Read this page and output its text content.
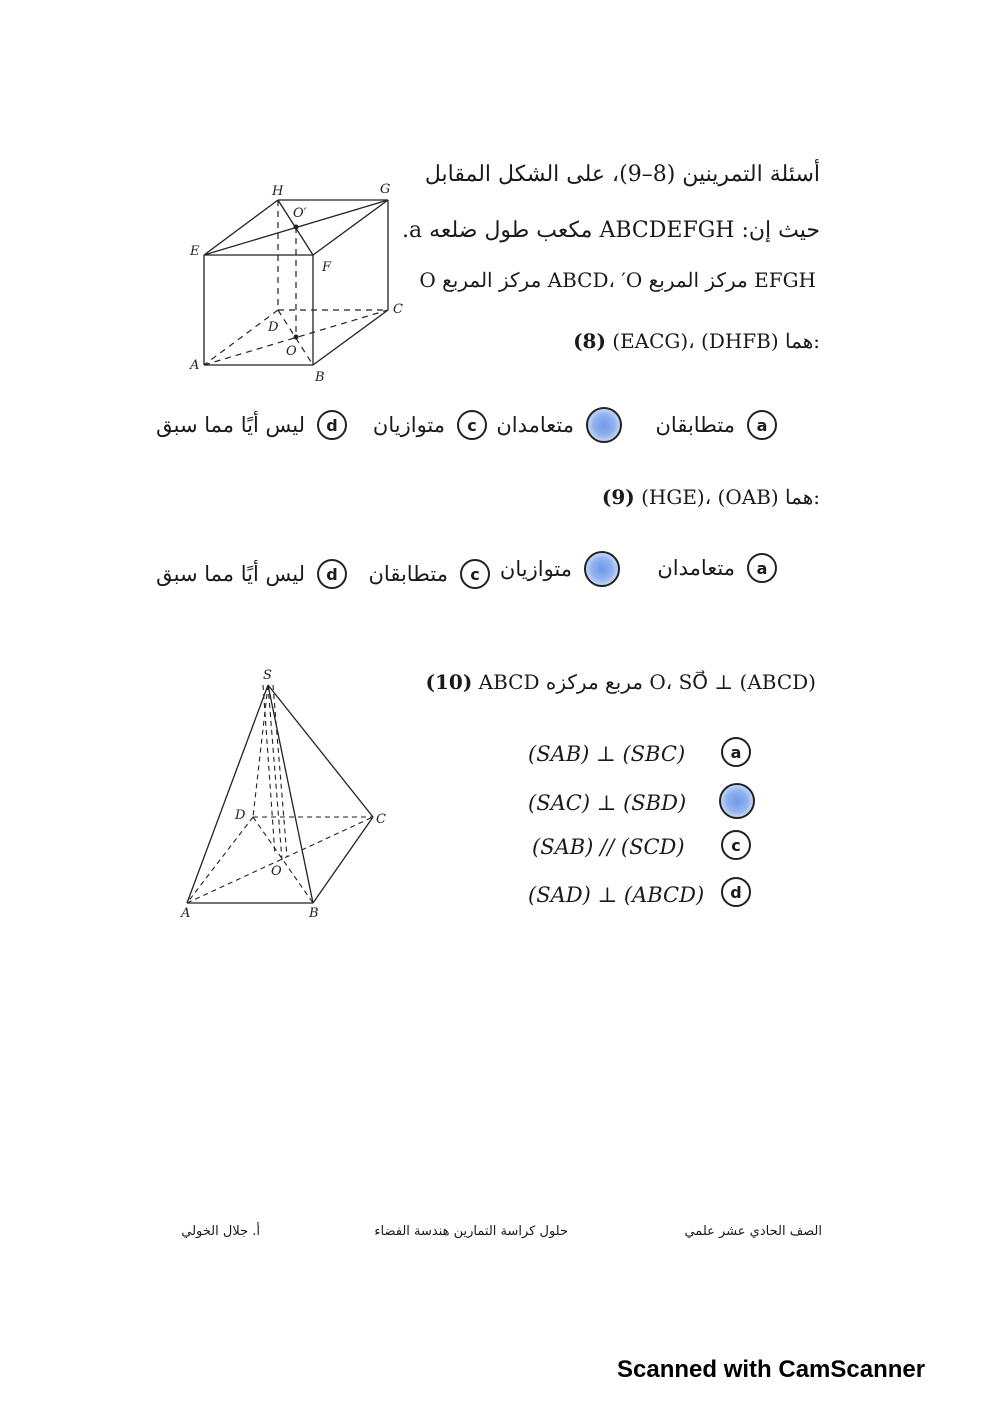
أسئلة التمرينين (8–9)، على الشكل المقابل
حيث إن: ABCDEFGH مكعب طول ضلعه a.
O مركز المربع ABCD، ′O مركز المربع EFGH
H	G
E
F
O′
C
D
O
A
B
(8) (EACG)، (DHFB) هما:
a
متطابقان
متعامدان
c
متوازيان
d
ليس أيًا مما سبق
(9) (HGE)، (OAB) هما:
a
متعامدان
متوازيان
c
متطابقان
d
ليس أيًا مما سبق
(10) ABCD مربع مركزه O، SO⃗ ⊥ (ABCD)
a
(SAB) ⊥ (SBC)
(SAC) ⊥ (SBD)
c
(SAB) // (SCD)
d
(SAD) ⊥ (ABCD)
S
D	C
O
A	B
الصف الحادي عشر علمي
حلول كراسة التمارين هندسة الفضاء
أ. جلال الخولي
Scanned with CamScanner
